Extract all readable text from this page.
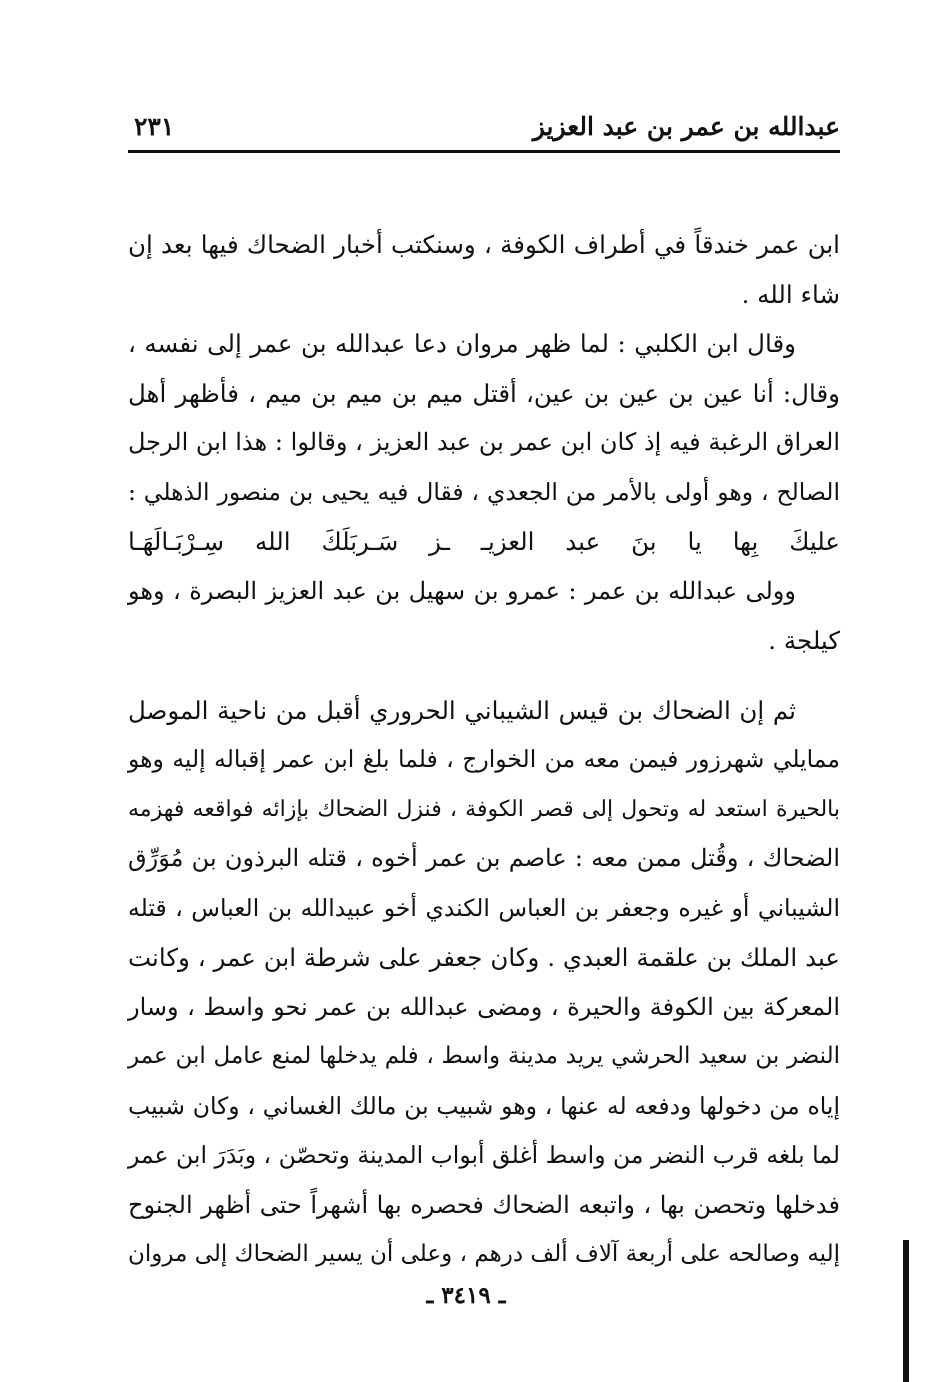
عبدالله بن عمر بن عبد العزيز
٢٣١
ابن عمر خندقاً في أطراف الكوفة ، وسنكتب أخبار الضحاك فيها بعد إن
شاء الله .
وقال ابن الكلبي : لما ظهر مروان دعا عبدالله بن عمر إلى نفسه ،
وقال: أنا عين بن عين بن عين، أقتل ميم بن ميم بن ميم ، فأظهر أهل
العراق الرغبة فيه إذ كان ابن عمر بن عبد العزيز ، وقالوا : هذا ابن الرجل
الصالح ، وهو أولى بالأمر من الجعدي ، فقال فيه يحيى بن منصور الذهلي :
عليكَ بِها يا بنَ عبد العزيـ ـز سَـربَلَكَ الله سِـرْبَـالَهَـا
وولى عبدالله بن عمر : عمرو بن سهيل بن عبد العزيز البصرة ، وهو
كيلجة .
ثم إن الضحاك بن قيس الشيباني الحروري أقبل من ناحية الموصل
ممايلي شهرزور فيمن معه من الخوارج ، فلما بلغ ابن عمر إقباله إليه وهو
بالحيرة استعد له وتحول إلى قصر الكوفة ، فنزل الضحاك بإزائه فواقعه فهزمه
الضحاك ، وقُتل ممن معه : عاصم بن عمر أخوه ، قتله البرذون بن مُوَرِّق
الشيباني أو غيره وجعفر بن العباس الكندي أخو عبيدالله بن العباس ، قتله
عبد الملك بن علقمة العبدي . وكان جعفر على شرطة ابن عمر ، وكانت
المعركة بين الكوفة والحيرة ، ومضى عبدالله بن عمر نحو واسط ، وسار
النضر بن سعيد الحرشي يريد مدينة واسط ، فلم يدخلها لمنع عامل ابن عمر
إياه من دخولها ودفعه له عنها ، وهو شبيب بن مالك الغساني ، وكان شبيب
لما بلغه قرب النضر من واسط أغلق أبواب المدينة وتحصّن ، وبَدَرَ ابن عمر
فدخلها وتحصن بها ، واتبعه الضحاك فحصره بها أشهراً حتى أظهر الجنوح
إليه وصالحه على أربعة آلاف ألف درهم ، وعلى أن يسير الضحاك إلى مروان
ـ ٣٤١٩ ـ
